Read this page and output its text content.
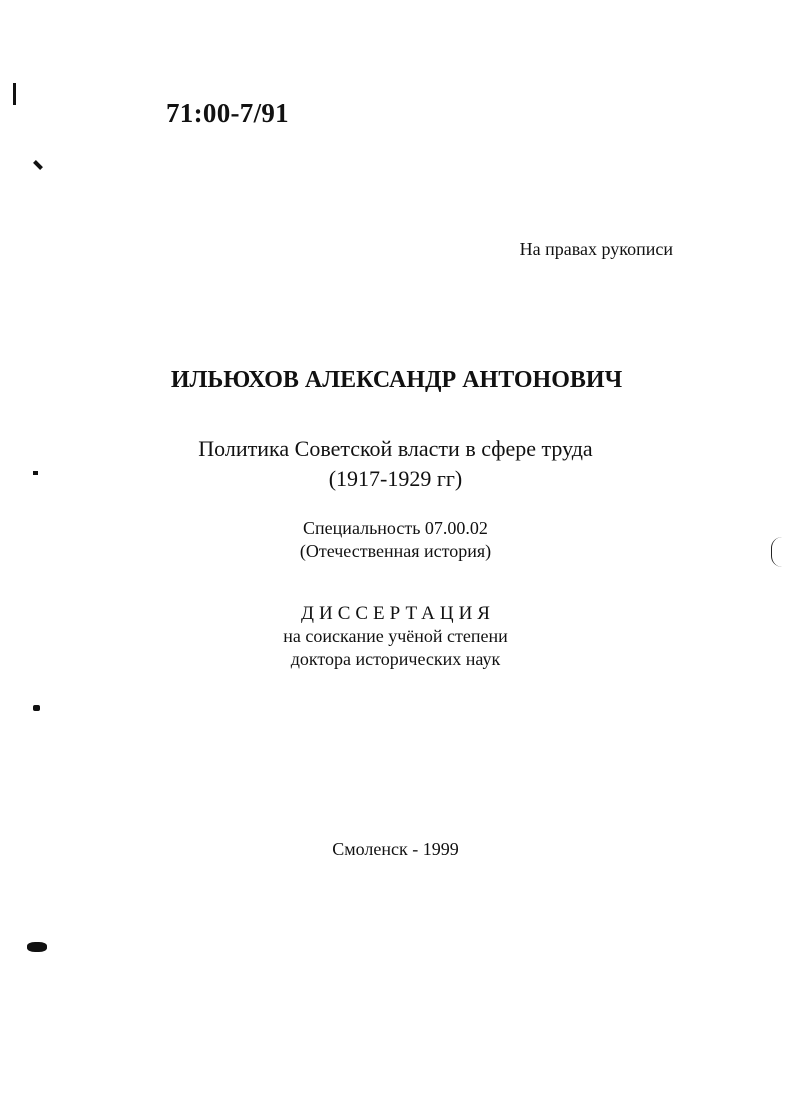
71:00-7/91
На правах рукописи
ИЛЬЮХОВ АЛЕКСАНДР АНТОНОВИЧ
Политика Советской власти в сфере труда
(1917-1929 гг)
Специальность 07.00.02
(Отечественная история)
ДИССЕРТАЦИЯ
на соискание учёной степени
доктора исторических наук
Смоленск - 1999
